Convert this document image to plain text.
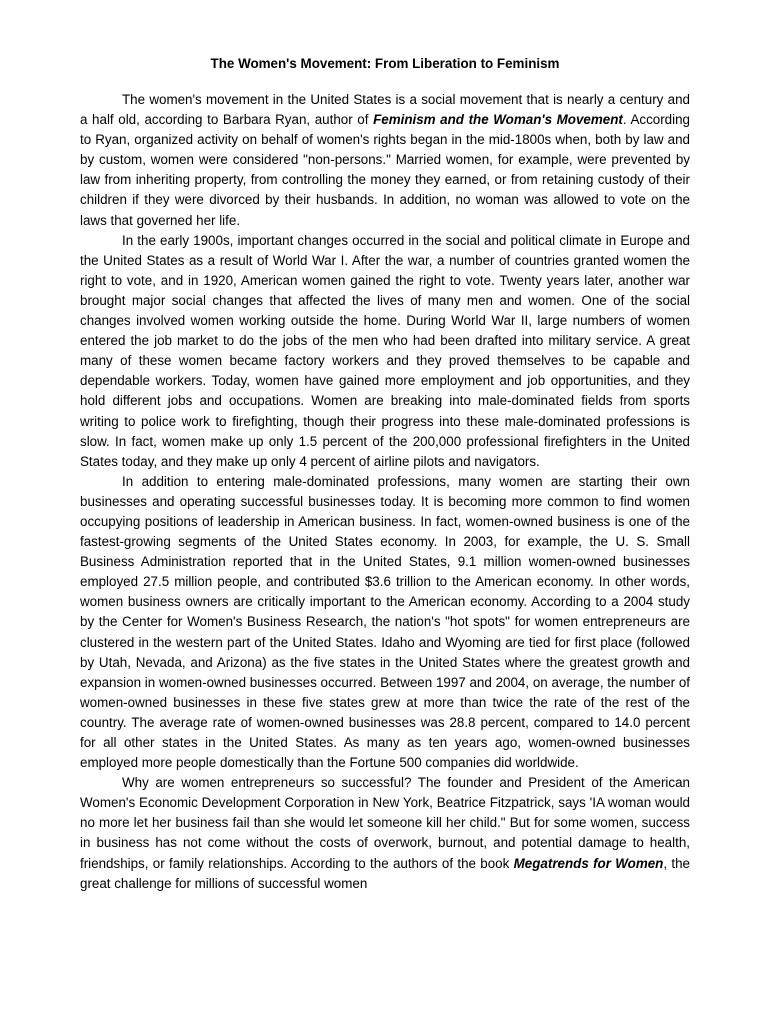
The Women's Movement: From Liberation to Feminism

The women's movement in the United States is a social movement that is nearly a century and a half old, according to Barbara Ryan, author of Feminism and the Woman's Movement. According to Ryan, organized activity on behalf of women's rights began in the mid-1800s when, both by law and by custom, women were considered "non-persons." Married women, for example, were prevented by law from inheriting property, from controlling the money they earned, or from retaining custody of their children if they were divorced by their husbands. In addition, no woman was allowed to vote on the laws that governed her life.

In the early 1900s, important changes occurred in the social and political climate in Europe and the United States as a result of World War I. After the war, a number of countries granted women the right to vote, and in 1920, American women gained the right to vote. Twenty years later, another war brought major social changes that affected the lives of many men and women. One of the social changes involved women working outside the home. During World War II, large numbers of women entered the job market to do the jobs of the men who had been drafted into military service. A great many of these women became factory workers and they proved themselves to be capable and dependable workers. Today, women have gained more employment and job opportunities, and they hold different jobs and occupations. Women are breaking into male-dominated fields from sports writing to police work to firefighting, though their progress into these male-dominated professions is slow. In fact, women make up only 1.5 percent of the 200,000 professional firefighters in the United States today, and they make up only 4 percent of airline pilots and navigators.

In addition to entering male-dominated professions, many women are starting their own businesses and operating successful businesses today. It is becoming more common to find women occupying positions of leadership in American business. In fact, women-owned business is one of the fastest-growing segments of the United States economy. In 2003, for example, the U. S. Small Business Administration reported that in the United States, 9.1 million women-owned businesses employed 27.5 million people, and contributed $3.6 trillion to the American economy. In other words, women business owners are critically important to the American economy. According to a 2004 study by the Center for Women's Business Research, the nation's "hot spots" for women entrepreneurs are clustered in the western part of the United States. Idaho and Wyoming are tied for first place (followed by Utah, Nevada, and Arizona) as the five states in the United States where the greatest growth and expansion in women-owned businesses occurred. Between 1997 and 2004, on average, the number of women-owned businesses in these five states grew at more than twice the rate of the rest of the country. The average rate of women-owned businesses was 28.8 percent, compared to 14.0 percent for all other states in the United States. As many as ten years ago, women-owned businesses employed more people domestically than the Fortune 500 companies did worldwide.

Why are women entrepreneurs so successful? The founder and President of the American Women's Economic Development Corporation in New York, Beatrice Fitzpatrick, says 'IA woman would no more let her business fail than she would let someone kill her child." But for some women, success in business has not come without the costs of overwork, burnout, and potential damage to health, friendships, or family relationships. According to the authors of the book Megatrends for Women, the great challenge for millions of successful women
